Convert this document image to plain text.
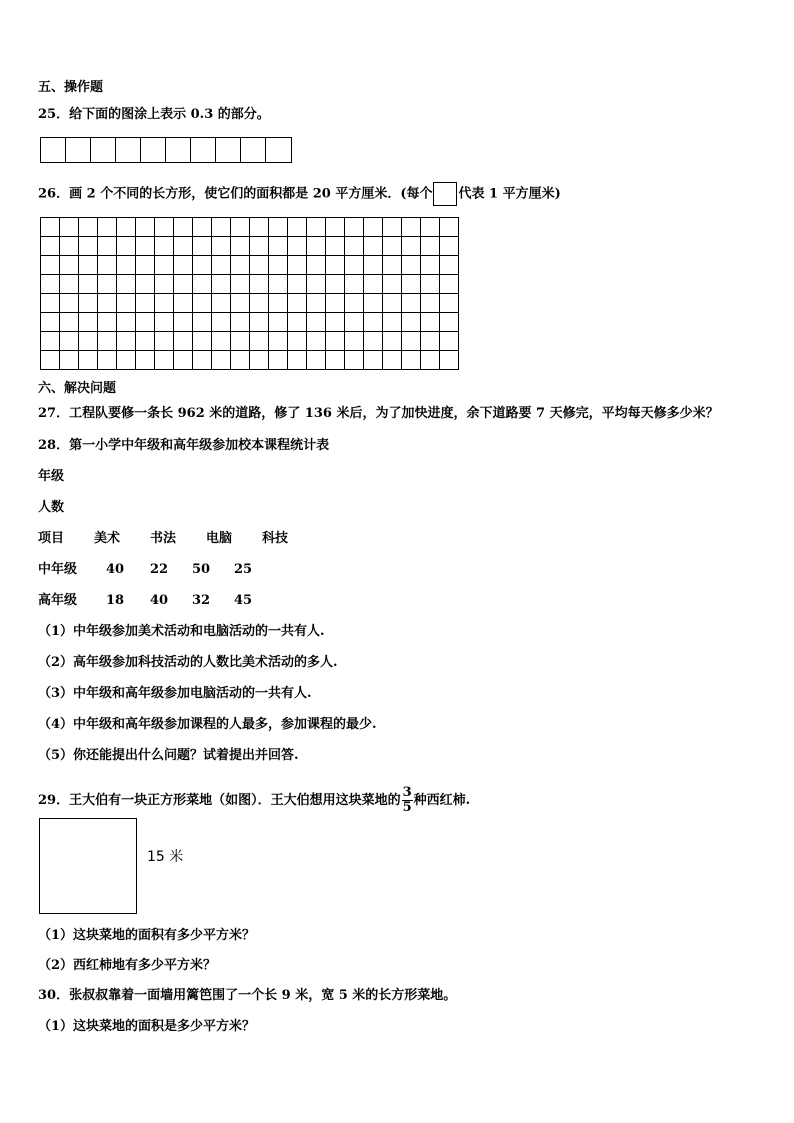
五、操作题
25．给下面的图涂上表示 0.3 的部分。
26．画 2 个不同的长方形，使它们的面积都是 20 平方厘米．(每个 代表 1 平方厘米)
六、解决问题
27．工程队要修一条长 962 米的道路，修了 136 米后，为了加快进度，余下道路要 7 天修完，平均每天修多少米？
28．第一小学中年级和高年级参加校本课程统计表
年级
人数
项目 美术 书法 电脑 科技
中年级 40 22 50 25
高年级 18 40 32 45
（1）中年级参加美术活动和电脑活动的一共有人.
（2）高年级参加科技活动的人数比美术活动的多人.
（3）中年级和高年级参加电脑活动的一共有人.
（4）中年级和高年级参加课程的人最多，参加课程的最少.
（5）你还能提出什么问题？试着提出并回答.
29．王大伯有一块正方形菜地（如图）．王大伯想用这块菜地的 $\frac{3}{5}$ 种西红柿.
15 米
（1）这块菜地的面积有多少平方米？
（2）西红柿地有多少平方米？
30．张叔叔靠着一面墙用篱笆围了一个长 9 米，宽 5 米的长方形菜地。
（1）这块菜地的面积是多少平方米？
